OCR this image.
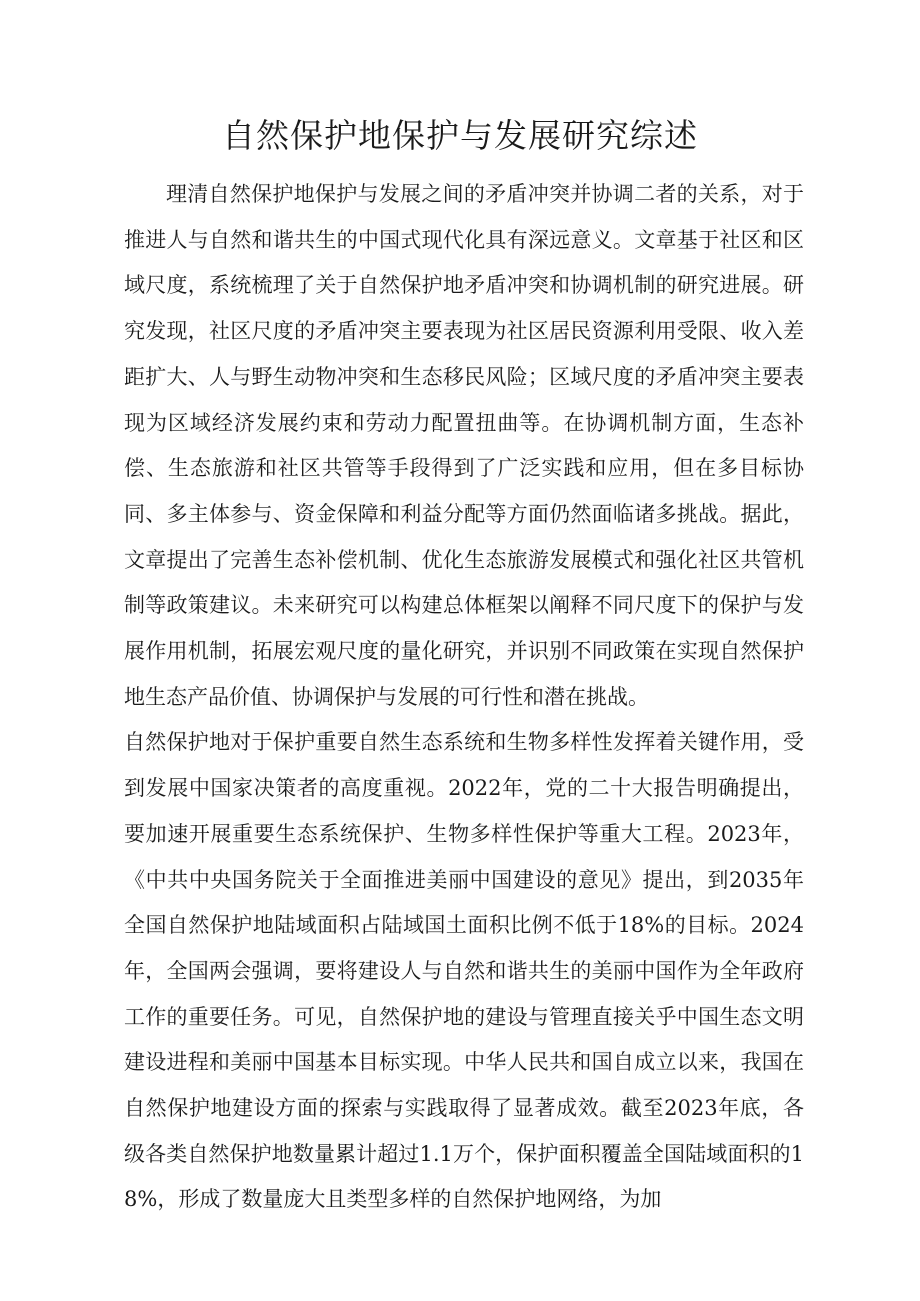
自然保护地保护与发展研究综述

理清自然保护地保护与发展之间的矛盾冲突并协调二者的关系，对于推进人与自然和谐共生的中国式现代化具有深远意义。文章基于社区和区域尺度，系统梳理了关于自然保护地矛盾冲突和协调机制的研究进展。研究发现，社区尺度的矛盾冲突主要表现为社区居民资源利用受限、收入差距扩大、人与野生动物冲突和生态移民风险；区域尺度的矛盾冲突主要表现为区域经济发展约束和劳动力配置扭曲等。在协调机制方面，生态补偿、生态旅游和社区共管等手段得到了广泛实践和应用，但在多目标协同、多主体参与、资金保障和利益分配等方面仍然面临诸多挑战。据此，文章提出了完善生态补偿机制、优化生态旅游发展模式和强化社区共管机制等政策建议。未来研究可以构建总体框架以阐释不同尺度下的保护与发展作用机制，拓展宏观尺度的量化研究，并识别不同政策在实现自然保护地生态产品价值、协调保护与发展的可行性和潜在挑战。

自然保护地对于保护重要自然生态系统和生物多样性发挥着关键作用，受到发展中国家决策者的高度重视。2022年，党的二十大报告明确提出，要加速开展重要生态系统保护、生物多样性保护等重大工程。2023年，《中共中央国务院关于全面推进美丽中国建设的意见》提出，到2035年全国自然保护地陆域面积占陆域国土面积比例不低于18%的目标。2024年，全国两会强调，要将建设人与自然和谐共生的美丽中国作为全年政府工作的重要任务。可见，自然保护地的建设与管理直接关乎中国生态文明建设进程和美丽中国基本目标实现。中华人民共和国自成立以来，我国在自然保护地建设方面的探索与实践取得了显著成效。截至2023年底，各级各类自然保护地数量累计超过1.1万个，保护面积覆盖全国陆域面积的18%，形成了数量庞大且类型多样的自然保护地网络，为加
